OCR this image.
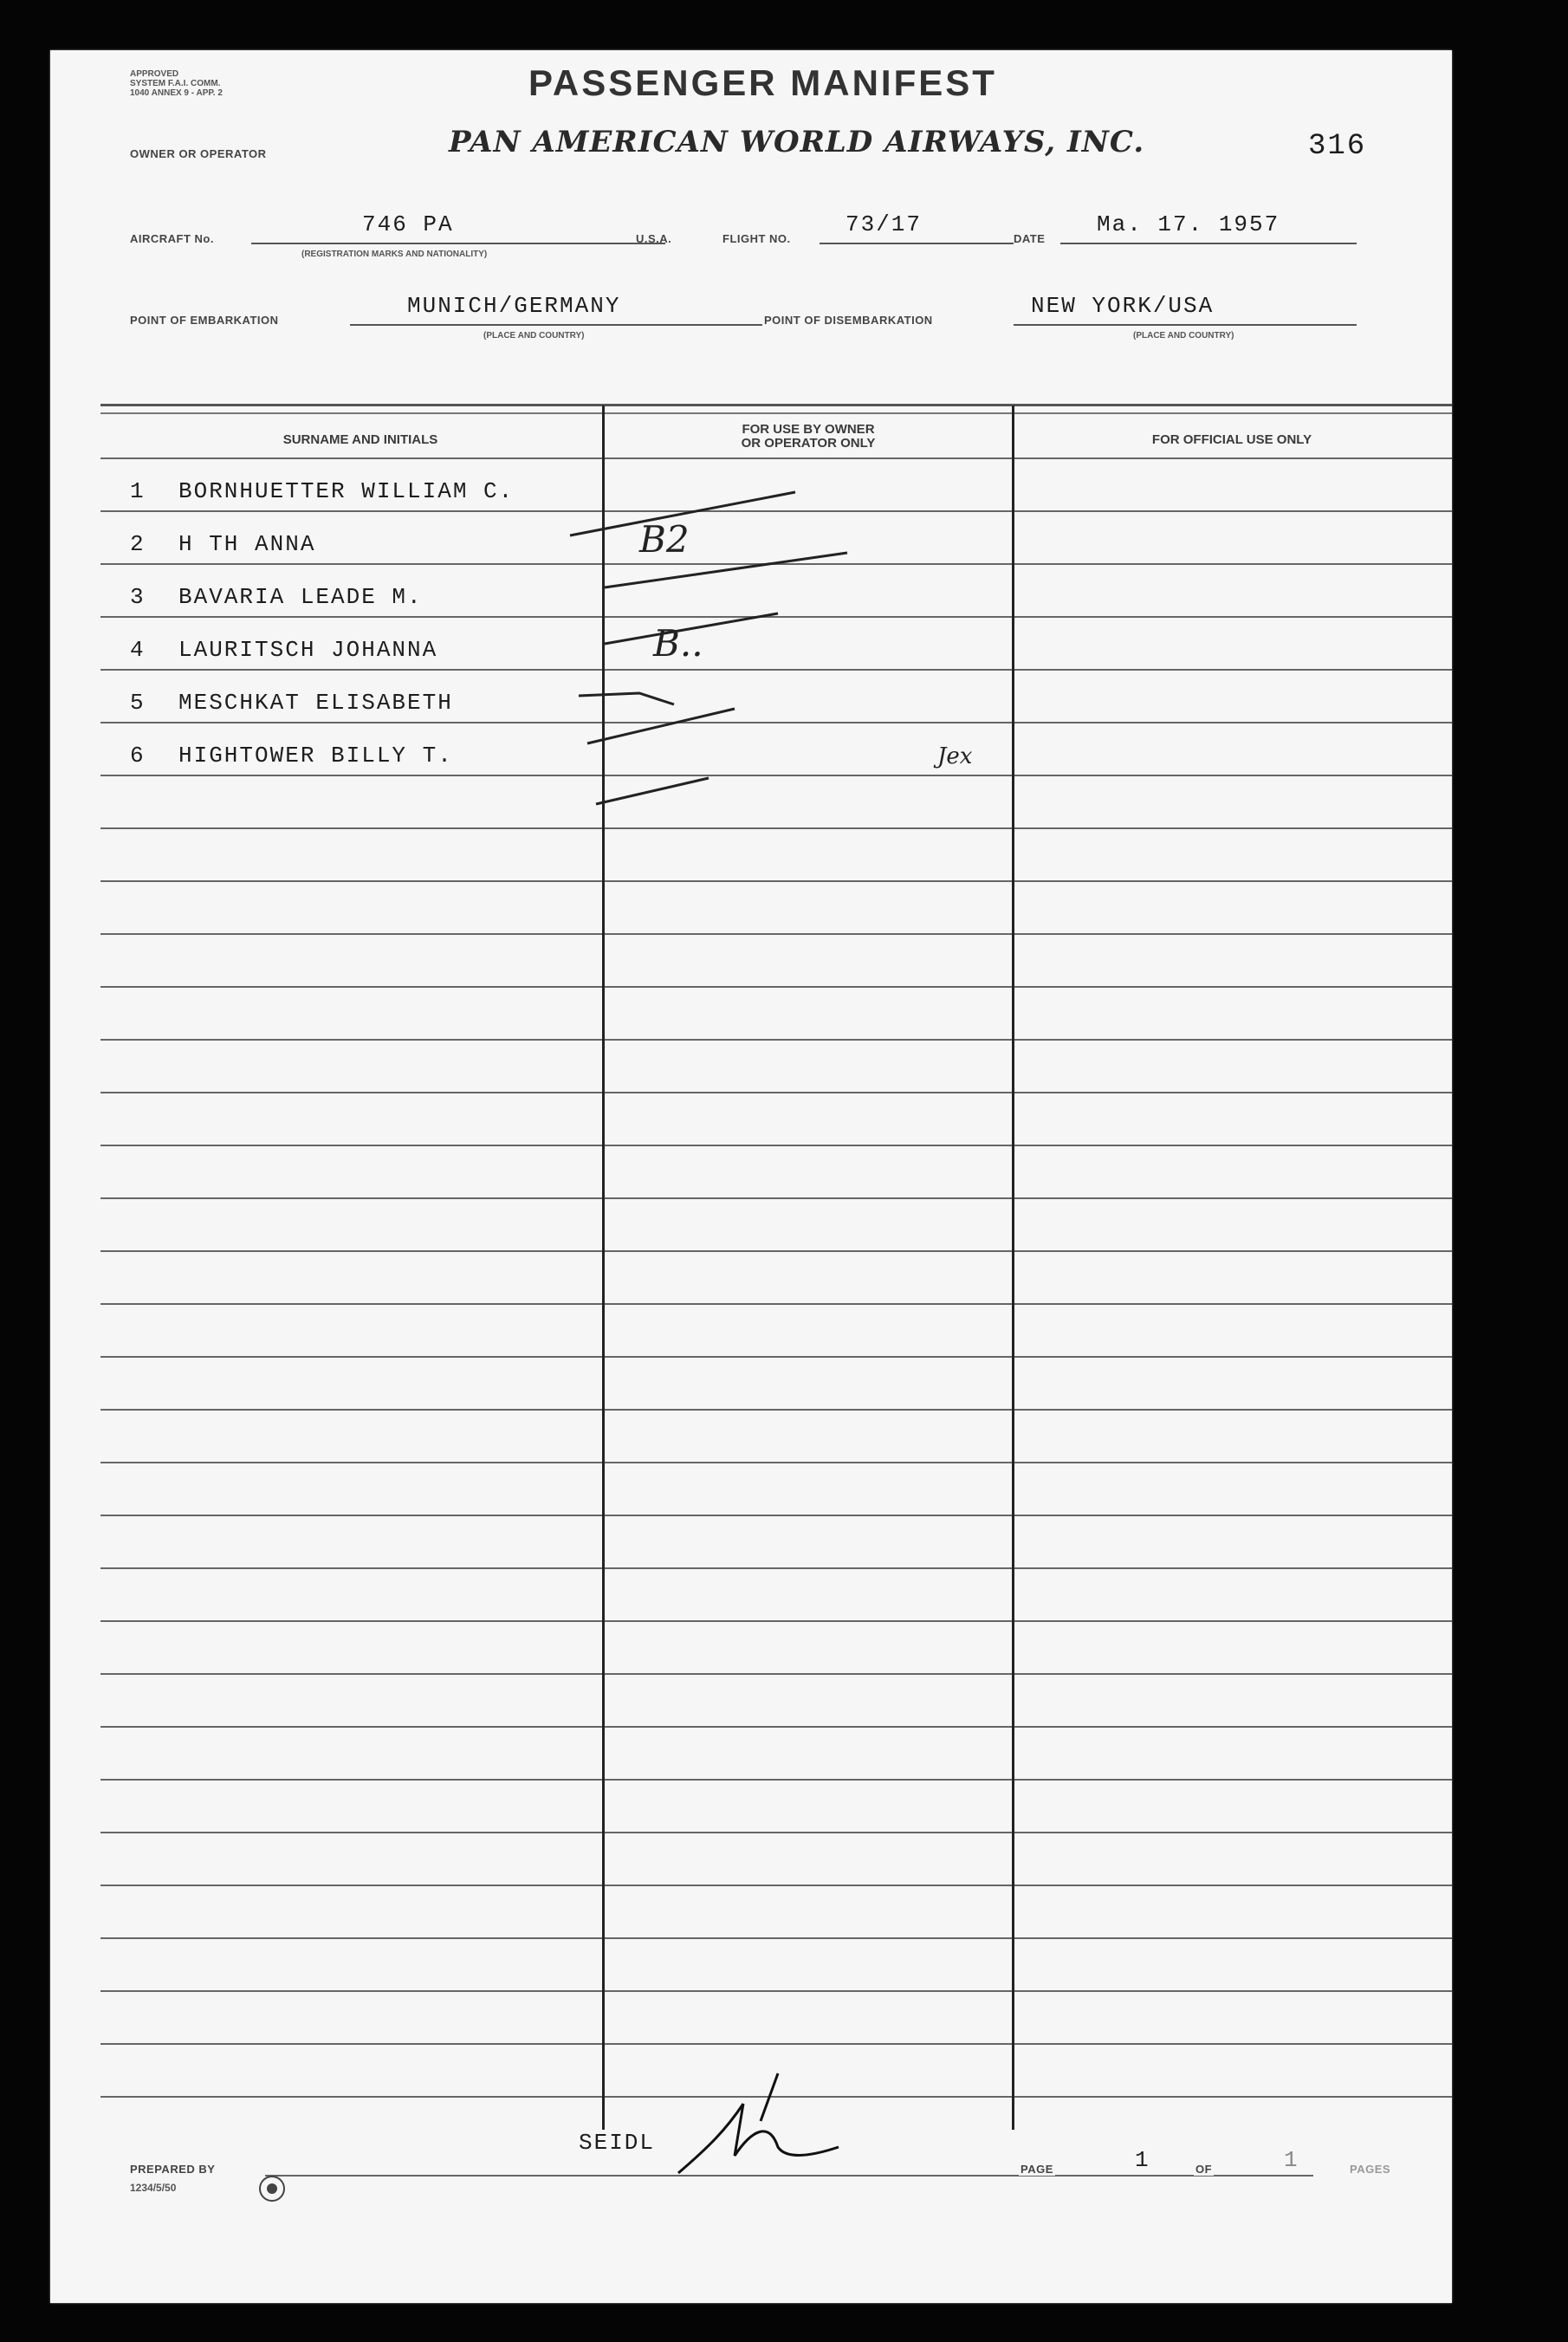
APPROVED
SYSTEM F.A.I. COMM.
1040 ANNEX 9 - APP. 2	PASSENGER MANIFEST
OWNER OR OPERATOR	PAN AMERICAN WORLD AIRWAYS, INC.	316
AIRCRAFT No.
746 PA
(REGISTRATION MARKS AND NATIONALITY)
U.S.A.	FLIGHT NO.
73/17
DATE
Ma. 17. 1957
POINT OF EMBARKATION
MUNICH/GERMANY
(PLACE AND COUNTRY)
POINT OF DISEMBARKATION
NEW YORK/USA
(PLACE AND COUNTRY)
SURNAME AND INITIALS
FOR USE BY OWNER
OR OPERATOR ONLY	FOR OFFICIAL USE ONLY
1 BORNHUETTER WILLIAM C.
2 H TH ANNA	B2
3 BAVARIA LEADE M.
4 LAURITSCH JOHANNA	B..
5 MESCHKAT ELISABETH
6 HIGHTOWER BILLY T.	Jex
PREPARED BY
1234/5/50
SEIDL
PAGE	1	OF	1	PAGES
